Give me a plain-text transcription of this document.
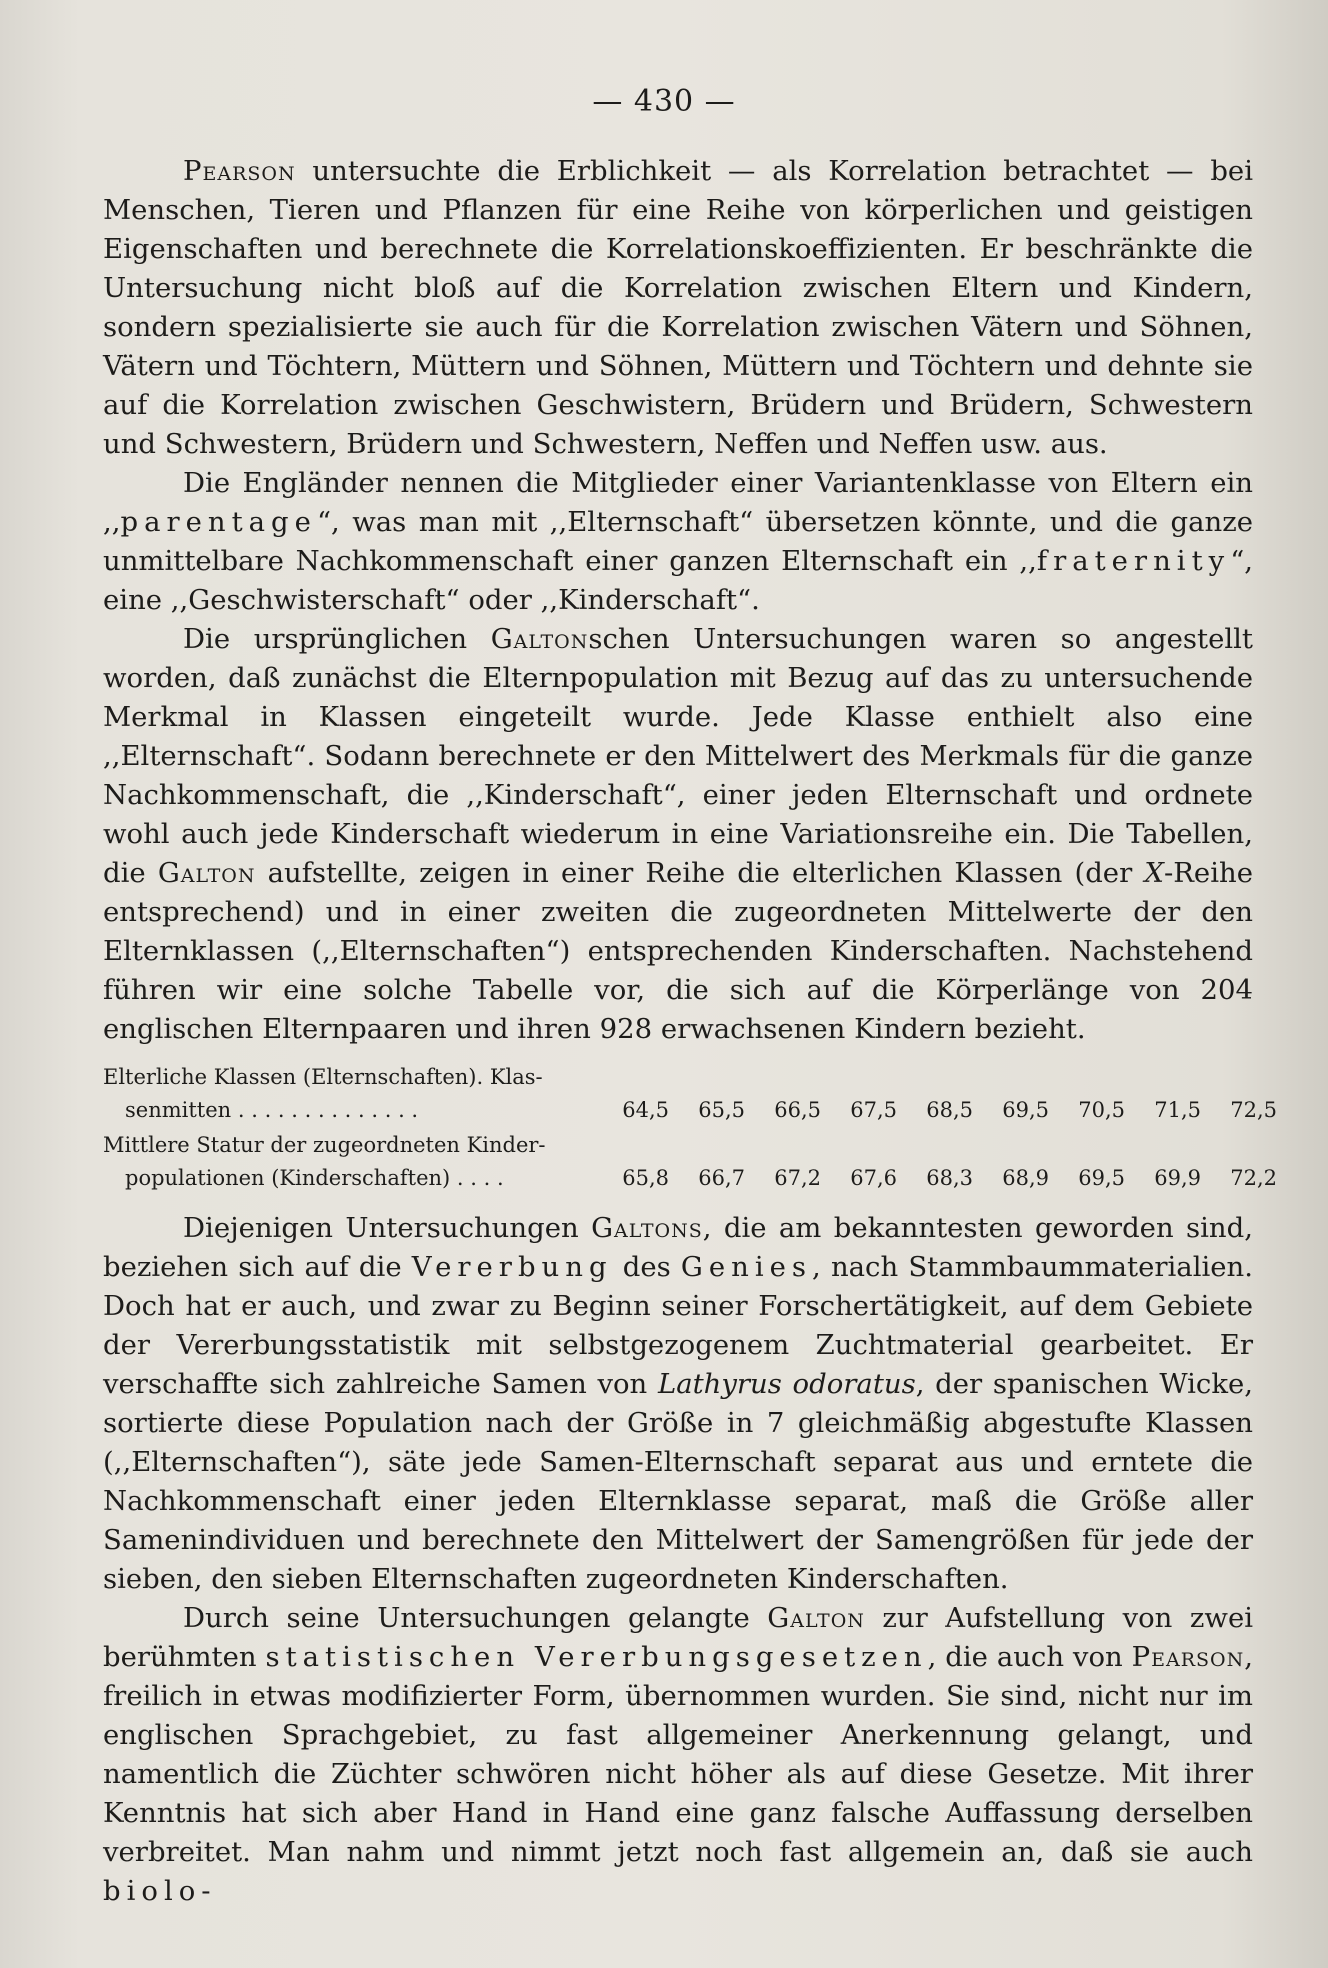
— 430 —

Pearson untersuchte die Erblichkeit — als Korrelation betrachtet — bei Menschen, Tieren und Pflanzen für eine Reihe von körperlichen und geistigen Eigenschaften und berechnete die Korrelationskoeffizienten. Er beschränkte die Untersuchung nicht bloß auf die Korrelation zwischen Eltern und Kindern, sondern spezialisierte sie auch für die Korrelation zwischen Vätern und Söhnen, Vätern und Töchtern, Müttern und Söhnen, Müttern und Töchtern und dehnte sie auf die Korrelation zwischen Geschwistern, Brüdern und Brüdern, Schwestern und Schwestern, Brüdern und Schwestern, Neffen und Neffen usw. aus.

Die Engländer nennen die Mitglieder einer Variantenklasse von Eltern ein ,,parentage“, was man mit ,,Elternschaft“ übersetzen könnte, und die ganze unmittelbare Nachkommenschaft einer ganzen Elternschaft ein ,,fraternity“, eine ,,Geschwisterschaft“ oder ,,Kinderschaft“.

Die ursprünglichen Galtonschen Untersuchungen waren so angestellt worden, daß zunächst die Elternpopulation mit Bezug auf das zu untersuchende Merkmal in Klassen eingeteilt wurde. Jede Klasse enthielt also eine ,,Elternschaft“. Sodann berechnete er den Mittelwert des Merkmals für die ganze Nachkommenschaft, die ,,Kinderschaft“, einer jeden Elternschaft und ordnete wohl auch jede Kinderschaft wiederum in eine Variationsreihe ein. Die Tabellen, die Galton aufstellte, zeigen in einer Reihe die elterlichen Klassen (der X-Reihe entsprechend) und in einer zweiten die zugeordneten Mittelwerte der den Elternklassen (,,Elternschaften“) entsprechenden Kinderschaften. Nachstehend führen wir eine solche Tabelle vor, die sich auf die Körperlänge von 204 englischen Elternpaaren und ihren 928 erwachsenen Kindern bezieht.

Elterliche Klassen (Elternschaften). Klas-
senmitten . . . . . . . . . . . . . .	64,5	65,5	66,5	67,5	68,5	69,5	70,5	71,5	72,5
Mittlere Statur der zugeordneten Kinder-
populationen (Kinderschaften) . . . .	65,8	66,7	67,2	67,6	68,3	68,9	69,5	69,9	72,2

Diejenigen Untersuchungen Galtons, die am bekanntesten geworden sind, beziehen sich auf die Vererbung des Genies, nach Stammbaummaterialien. Doch hat er auch, und zwar zu Beginn seiner Forschertätigkeit, auf dem Gebiete der Vererbungsstatistik mit selbstgezogenem Zuchtmaterial gearbeitet. Er verschaffte sich zahlreiche Samen von Lathyrus odoratus, der spanischen Wicke, sortierte diese Population nach der Größe in 7 gleichmäßig abgestufte Klassen (,,Elternschaften“), säte jede Samen-Elternschaft separat aus und erntete die Nachkommenschaft einer jeden Elternklasse separat, maß die Größe aller Samenindividuen und berechnete den Mittelwert der Samengrößen für jede der sieben, den sieben Elternschaften zugeordneten Kinderschaften.

Durch seine Untersuchungen gelangte Galton zur Aufstellung von zwei berühmten statistischen Vererbungsgesetzen, die auch von Pearson, freilich in etwas modifizierter Form, übernommen wurden. Sie sind, nicht nur im englischen Sprachgebiet, zu fast allgemeiner Anerkennung gelangt, und namentlich die Züchter schwören nicht höher als auf diese Gesetze. Mit ihrer Kenntnis hat sich aber Hand in Hand eine ganz falsche Auffassung derselben verbreitet. Man nahm und nimmt jetzt noch fast allgemein an, daß sie auch biolo-
